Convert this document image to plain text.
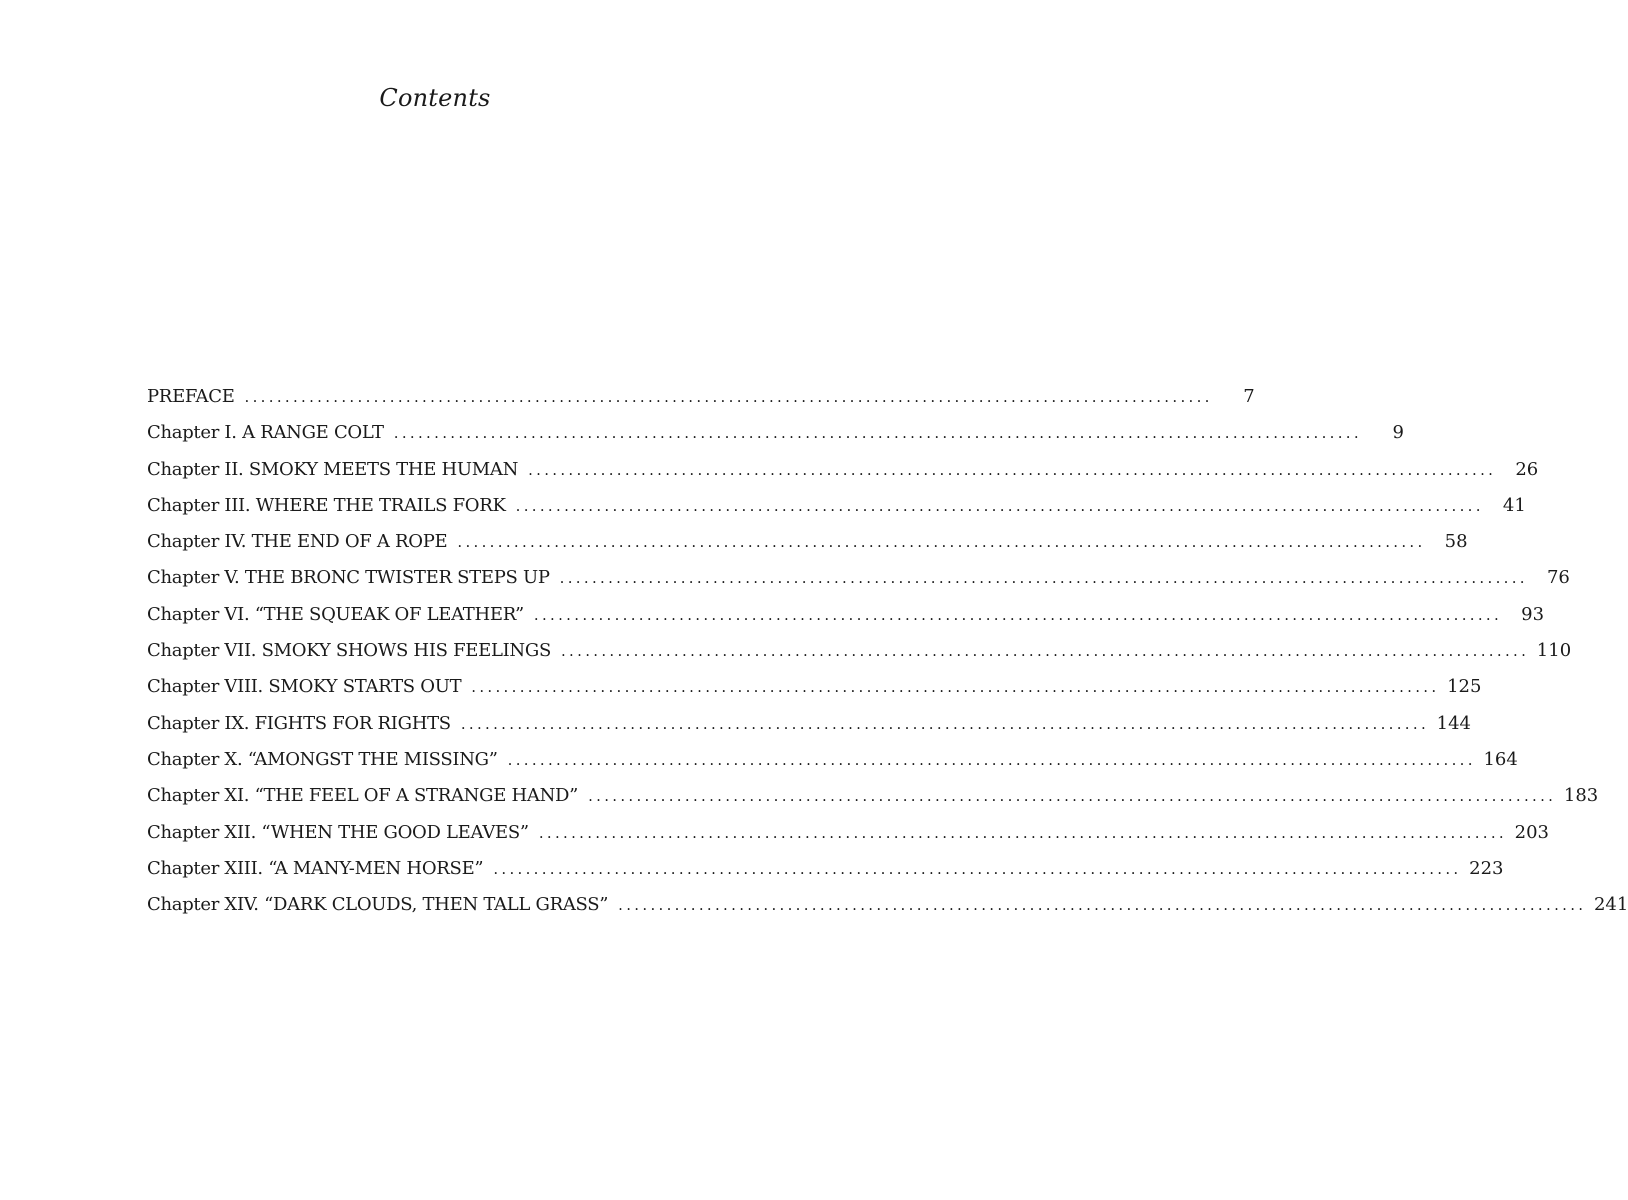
Contents
PREFACE ........................................................................................................................	7
Chapter I. A RANGE COLT ........................................................................................................................	9
Chapter II. SMOKY MEETS THE HUMAN ........................................................................................................................	26
Chapter III. WHERE THE TRAILS FORK ........................................................................................................................	41
Chapter IV. THE END OF A ROPE ........................................................................................................................	58
Chapter V. THE BRONC TWISTER STEPS UP ........................................................................................................................	76
Chapter VI. “THE SQUEAK OF LEATHER” ........................................................................................................................	93
Chapter VII. SMOKY SHOWS HIS FEELINGS ........................................................................................................................ 110
Chapter VIII. SMOKY STARTS OUT ........................................................................................................................ 125
Chapter IX. FIGHTS FOR RIGHTS ........................................................................................................................ 144
Chapter X. “AMONGST THE MISSING” ........................................................................................................................ 164
Chapter XI. “THE FEEL OF A STRANGE HAND” ........................................................................................................................ 183
Chapter XII. “WHEN THE GOOD LEAVES” ........................................................................................................................ 203
Chapter XIII. “A MANY-MEN HORSE” ........................................................................................................................ 223
Chapter XIV. “DARK CLOUDS, THEN TALL GRASS” ........................................................................................................................ 241
